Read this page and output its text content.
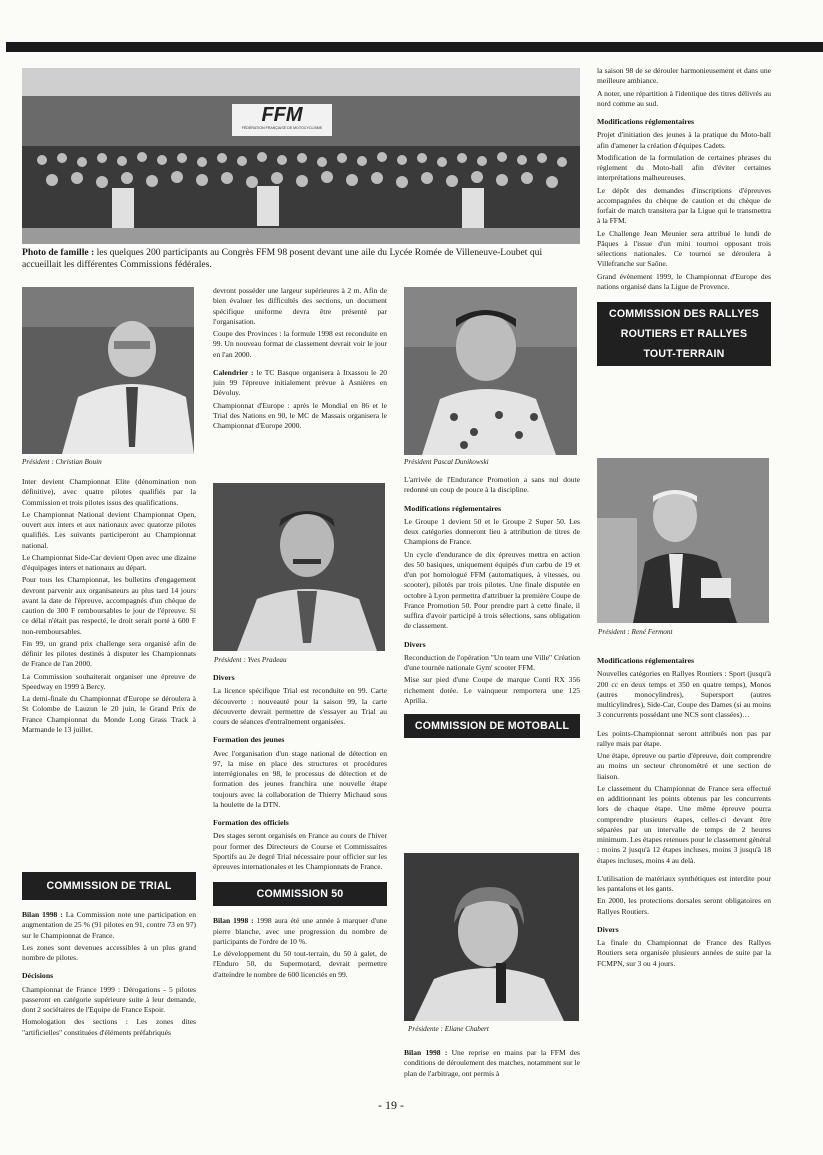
FFM
FÉDÉRATION FRANÇAISE DE MOTOCYCLISME
Photo de famille : les quelques 200 participants au Congrès FFM 98 posent devant une aile du Lycée Romée de Villeneuve-Loubet qui accueillait les différentes Commissions fédérales.
Président : Christian Bouin
Président : Yves Pradeau
Président Pascal Dunikowski
Présidente : Eliane Chabert
Président : René Fermont

Inter devient Championnat Elite (dénomination non définitive), avec quatre pilotes qualifiés par la Commission et trois pilotes issus des qualifications.

Le Championnat National devient Championnat Open, ouvert aux inters et aux nationaux avec quatorze pilotes qualifiés. Les suivants participeront au Championnat national.

Le Championnat Side-Car devient Open avec une dizaine d'équipages inters et nationaux au départ.

Pour tous les Championnat, les bulletins d'engagement devront parvenir aux organisateurs au plus tard 14 jours avant la date de l'épreuve, accompagnés d'un chèque de caution de 300 F remboursables le jour de l'épreuve. Si ce délai n'était pas respecté, le droit serait porté à 600 F non-remboursables.

Fin 99, un grand prix challenge sera organisé afin de définir les pilotes destinés à disputer les Championnats de France de l'an 2000.

La Commission souhaiterait organiser une épreuve de Speedway en 1999 à Bercy.

La demi-finale du Championnat d'Europe se déroulera à St Colombe de Lauzun le 20 juin, le Grand Prix de France Championnat du Monde Long Grass Track à Marmande le 13 juillet.

COMMISSION DE TRIAL

Bilan 1998 : La Commission note une participation en augmentation de 25 % (91 pilotes en 91, contre 73 en 97) sur le Championnat de France.

Les zones sont devenues accessibles à un plus grand nombre de pilotes.

Décisions

Championnat de France 1999 : Dérogations - 5 pilotes passeront en catégorie supérieure suite à leur demande, dont 2 sociétaires de l'Equipe de France Espoir.

Homologation des sections : Les zones dites "artificielles" constituées d'éléments préfabriqués

devront posséder une largeur supérieures à 2 m. Afin de bien évaluer les difficultés des sections, un document spécifique uniforme devra être présenté par l'organisation.

Coupe des Provinces : la formule 1998 est reconduite en 99. Un nouveau format de classement devrait voir le jour en l'an 2000.

Calendrier : le TC Basque organisera à Itxassou le 20 juin 99 l'épreuve initialement prévue à Asnières en Dévoluy.

Championnat d'Europe : après le Mondial en 86 et le Trial des Nations en 90, le MC de Massais organisera le Championnat d'Europe 2000.

Divers

La licence spécifique Trial est reconduite en 99. Carte découverte : nouveauté pour la saison 99, la carte découverte devrait permettre de s'essayer au Trial au cours de séances d'entraînement organisées.

Formation des jeunes

Avec l'organisation d'un stage national de détection en 97, la mise en place des structures et procédures interrégionales en 98, le processus de détection et de formation des jeunes franchira une nouvelle étape toujours avec la collaboration de Thierry Michaud sous la houlette de la DTN.

Formation des officiels

Des stages seront organisés en France au cours de l'hiver pour former des Directeurs de Course et Commissaires Sportifs au 2e degré Trial nécessaire pour officier sur les épreuves internationales et les Championnats de France.

COMMISSION 50

Bilan 1998 : 1998 aura été une année à marquer d'une pierre blanche, avec une progression du nombre de participants de l'ordre de 10 %.

Le développement du 50 tout-terrain, du 50 à galet, de l'Enduro 50, du Supermotard, devrait permettre d'atteindre le nombre de 600 licenciés en 99.

L'arrivée de l'Endurance Promotion a sans nul doute redonné un coup de pouce à la discipline.

Modifications réglementaires

Le Groupe 1 devient 50 et le Groupe 2 Super 50. Les deux catégories donneront lieu à attribution de titres de Champions de France.

Un cycle d'endurance de dix épreuves mettra en action des 50 basiques, uniquement équipés d'un carbu de 19 et d'un pot homologué FFM (automatiques, à vitesses, ou scooter), pilotés par trois pilotes. Une finale disputée en octobre à Lyon permettra d'attribuer la première Coupe de France Promotion 50. Pour prendre part à cette finale, il suffira d'avoir participé à trois sélections, sans obligation de classement.

Divers

Reconduction de l'opération "Un team une Ville" Création d'une tournée nationale Gym' scooter FFM.

Mise sur pied d'une Coupe de marque Conti RX 356 richement dotée. Le vainqueur remportera une 125 Aprilia.

COMMISSION DE MOTOBALL

Bilan 1998 : Une reprise en mains par la FFM des conditions de déroulement des matches, notamment sur le plan de l'arbitrage, ont permis à

la saison 98 de se dérouler harmonieusement et dans une meilleure ambiance.

A noter, une répartition à l'identique des titres délivrés au nord comme au sud.

Modifications réglementaires

Projet d'initiation des jeunes à la pratique du Moto-ball afin d'amener la création d'équipes Cadets.

Modification de la formulation de certaines phrases du règlement du Moto-ball afin d'éviter certaines interprétations malheureuses.

Le dépôt des demandes d'inscriptions d'épreuves accompagnées du chèque de caution et du chèque de forfait de match transitera par la Ligue qui le transmettra à la FFM.

Le Challenge Jean Meunier sera attribué le lundi de Pâques à l'issue d'un mini tournoi opposant trois sélections nationales. Ce tournoi se déroulera à Villefranche sur Saône.

Grand évènement 1999, le Championnat d'Europe des nations organisé dans la Ligue de Provence.

COMMISSION DES RALLYES
ROUTIERS ET RALLYES
TOUT-TERRAIN
Modifications réglementaires

Nouvelles catégories en Rallyes Routiers : Sport (jusqu'à 200 cc en deux temps et 350 en quatre temps), Monos (autres monocylindres), Supersport (autres multicylindres), Side-Car, Coupe des Dames (si au moins 3 concurrents possédant une NCS sont classées)…

Les points-Championnat seront attribués non pas par rallye mais par étape.

Une étape, épreuve ou partie d'épreuve, doit comprendre au moins un secteur chronométré et une section de liaison.

Le classement du Championnat de France sera effectué en additionnant les points obtenus par les concurrents lors de chaque étape. Une même épreuve pourra comprendre plusieurs étapes, celles-ci devant être séparées par un intervalle de temps de 2 heures minimum. Les étapes retenues pour le classement général : moins 2 jusqu'à 12 étapes incluses, moins 3 jusqu'à 18 étapes incluses, moins 4 au delà.

L'utilisation de matériaux synthétiques est interdite pour les pantalons et les gants.

En 2000, les protections dorsales seront obligatoires en Rallyes Routiers.

Divers

La finale du Championnat de France des Rallyes Routiers sera organisée plusieurs années de suite par la FCMPN, sur 3 ou 4 jours.

- 19 -
